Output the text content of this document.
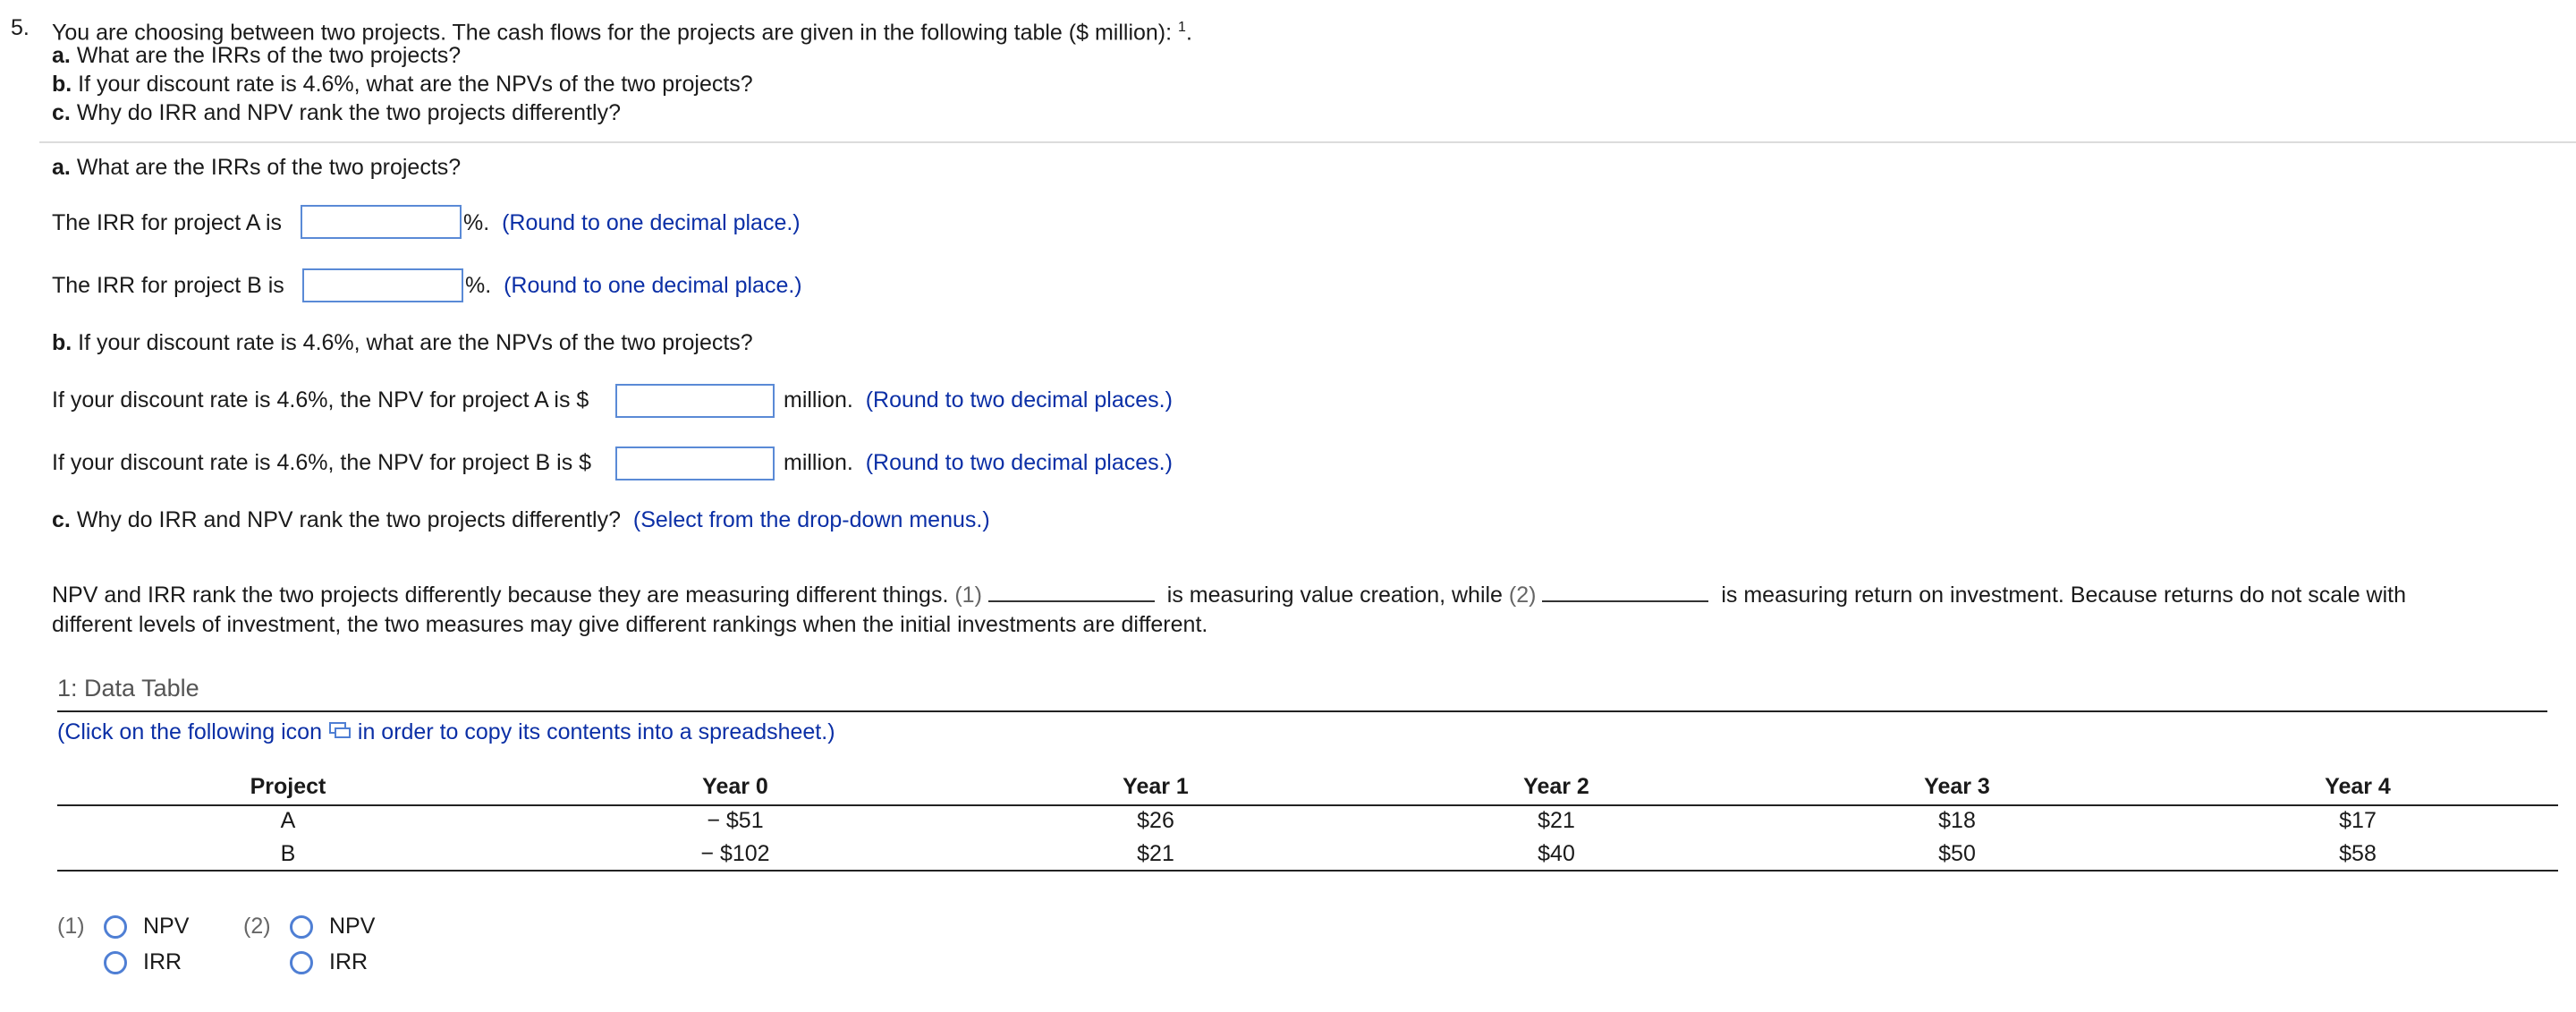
5. You are choosing between two projects. The cash flows for the projects are given in the following table ($ million): $^1$.
a. What are the IRRs of the two projects?
b. If your discount rate is 4.6%, what are the NPVs of the two projects?
c. Why do IRR and NPV rank the two projects differently?
a. What are the IRRs of the two projects?
The IRR for project A is	%. (Round to one decimal place.)
The IRR for project B is	%. (Round to one decimal place.)
b. If your discount rate is 4.6%, what are the NPVs of the two projects?
If your discount rate is 4.6%, the NPV for project A is $	million. (Round to two decimal places.)
If your discount rate is 4.6%, the NPV for project B is $	million. (Round to two decimal places.)
c. Why do IRR and NPV rank the two projects differently? (Select from the drop-down menus.)
NPV and IRR rank the two projects differently because they are measuring different things. (1)	is measuring value creation, while (2)	is measuring return on investment. Because returns do not scale with
different levels of investment, the two measures may give different rankings when the initial investments are different.
1: Data Table
(Click on the following icon in order to copy its contents into a spreadsheet.)
Project	Year 0	Year 1	Year 2	Year 3	Year 4
A	− $51	$26	$21	$18	$17
B	− $102	$21	$40	$50	$58
(1)	NPV
IRR
(2)	NPV
IRR
